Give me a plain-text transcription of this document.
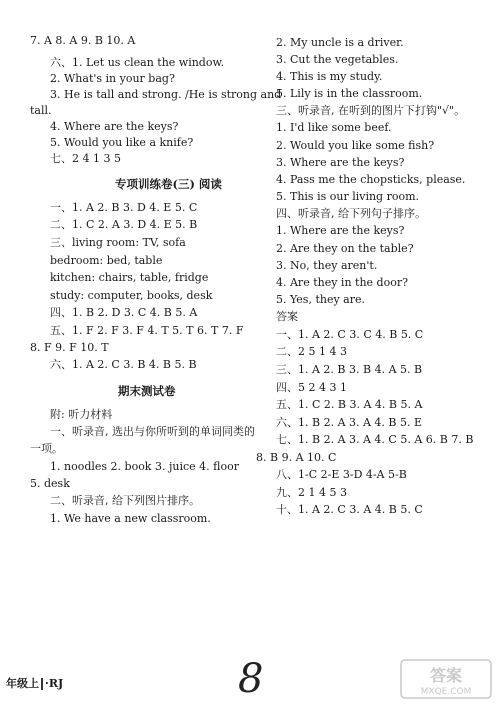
7. A 8. A 9. B 10. A
六、1. Let us clean the window.
2. What's in your bag?
3. He is tall and strong. /He is strong and
tall.
4. Where are the keys?
5. Would you like a knife?
七、2 4 1 3 5
专项训练卷(三) 阅读
一、1. A 2. B 3. D 4. E 5. C
二、1. C 2. A 3. D 4. E 5. B
三、living room: TV, sofa
bedroom: bed, table
kitchen: chairs, table, fridge
study: computer, books, desk
四、1. B 2. D 3. C 4. B 5. A
五、1. F 2. F 3. F 4. T 5. T 6. T 7. F
8. F 9. F 10. T
六、1. A 2. C 3. B 4. B 5. B
期末测试卷
附: 听力材料
一、听录音, 选出与你所听到的单词同类的
一项。
1. noodles 2. book 3. juice 4. floor
5. desk
二、听录音, 给下列图片排序。
1. We have a new classroom.
2. My uncle is a driver.
3. Cut the vegetables.
4. This is my study.
5. Lily is in the classroom.
三、听录音, 在听到的图片下打钩"√"。
1. I'd like some beef.
2. Would you like some fish?
3. Where are the keys?
4. Pass me the chopsticks, please.
5. This is our living room.
四、听录音, 给下列句子排序。
1. Where are the keys?
2. Are they on the table?
3. No, they aren't.
4. Are they in the door?
5. Yes, they are.
答案
一、1. A 2. C 3. C 4. B 5. C
二、2 5 1 4 3
三、1. A 2. B 3. B 4. A 5. B
四、5 2 4 3 1
五、1. C 2. B 3. A 4. B 5. A
六、1. B 2. A 3. A 4. B 5. E
七、1. B 2. A 3. A 4. C 5. A 6. B 7. B
8. B 9. A 10. C
八、1-C 2-E 3-D 4-A 5-B
九、2 1 4 5 3
十、1. A 2. C 3. A 4. B 5. C
年级上 ·RJ	8	答案
MXQE.COM
